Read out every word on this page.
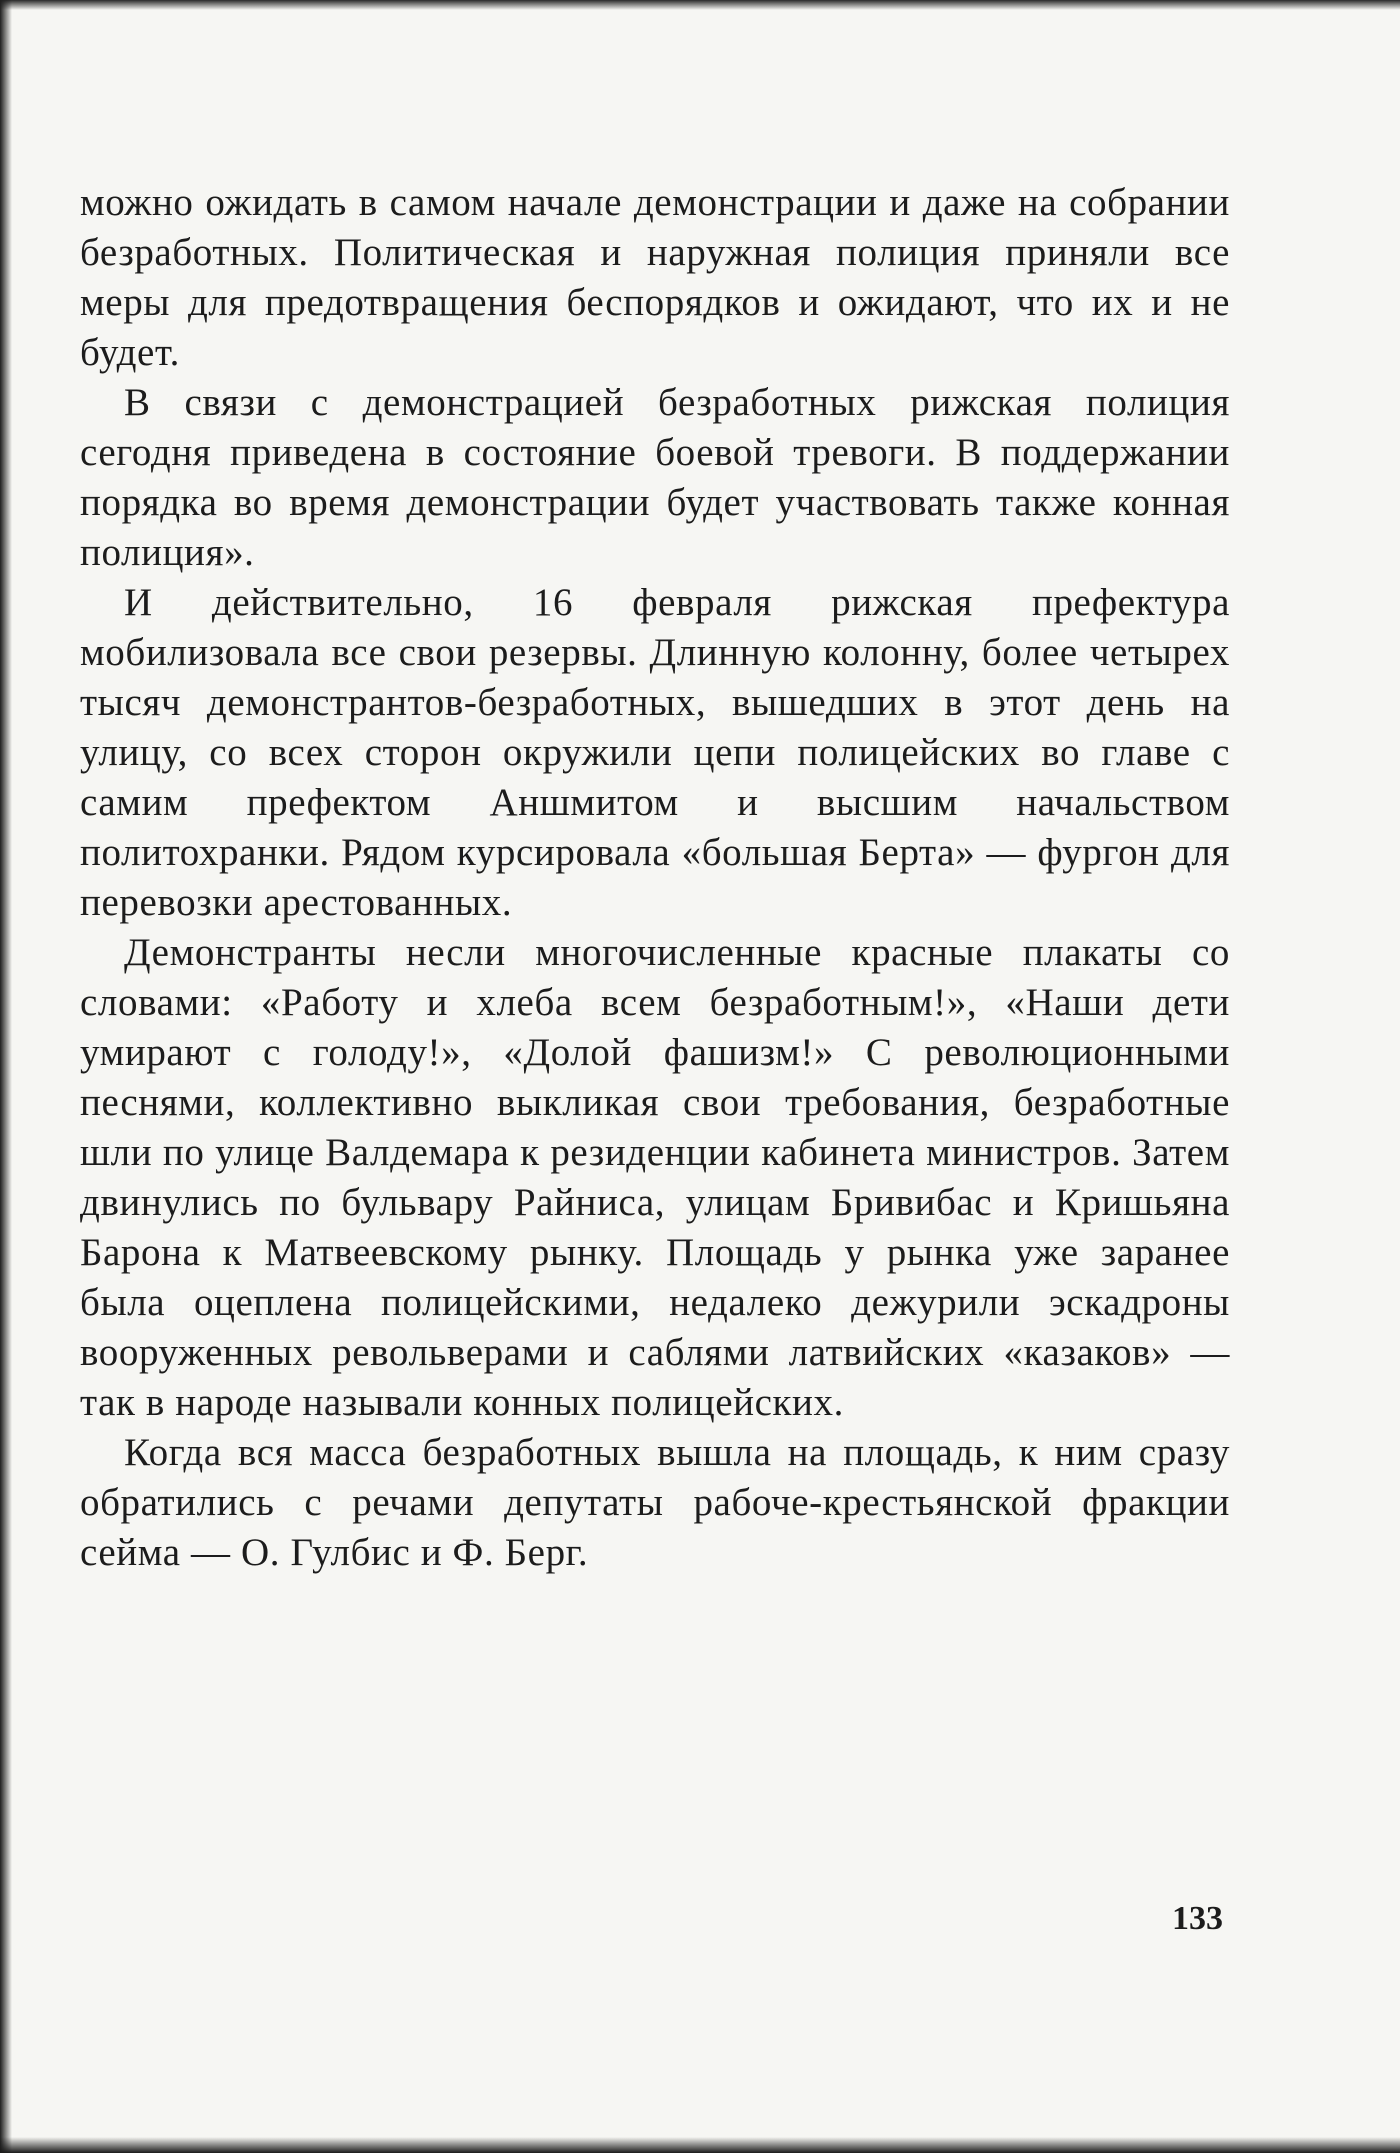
можно ожидать в самом начале демонстрации и даже на собрании безработных. Политическая и наружная полиция приняли все меры для предотвращения беспорядков и ожидают, что их и не будет.

В связи с демонстрацией безработных рижская полиция сегодня приведена в состояние боевой тревоги. В поддержании порядка во время демонстрации будет участвовать также конная полиция».

И действительно, 16 февраля рижская префектура мобилизовала все свои резервы. Длинную колонну, более четырех тысяч демонстрантов-безработных, вышедших в этот день на улицу, со всех сторон окружили цепи полицейских во главе с самим префектом Аншмитом и высшим начальством политохранки. Рядом курсировала «большая Берта» — фургон для перевозки арестованных.

Демонстранты несли многочисленные красные плакаты со словами: «Работу и хлеба всем безработным!», «Наши дети умирают с голоду!», «Долой фашизм!» С революционными песнями, коллективно выкликая свои требования, безработные шли по улице Валдемара к резиденции кабинета министров. Затем двинулись по бульвару Райниса, улицам Бривибас и Кришьяна Барона к Матвеевскому рынку. Площадь у рынка уже заранее была оцеплена полицейскими, недалеко дежурили эскадроны вооруженных револьверами и саблями латвийских «казаков» — так в народе называли конных полицейских.

Когда вся масса безработных вышла на площадь, к ним сразу обратились с речами депутаты рабоче-крестьянской фракции сейма — О. Гулбис и Ф. Берг.

133
